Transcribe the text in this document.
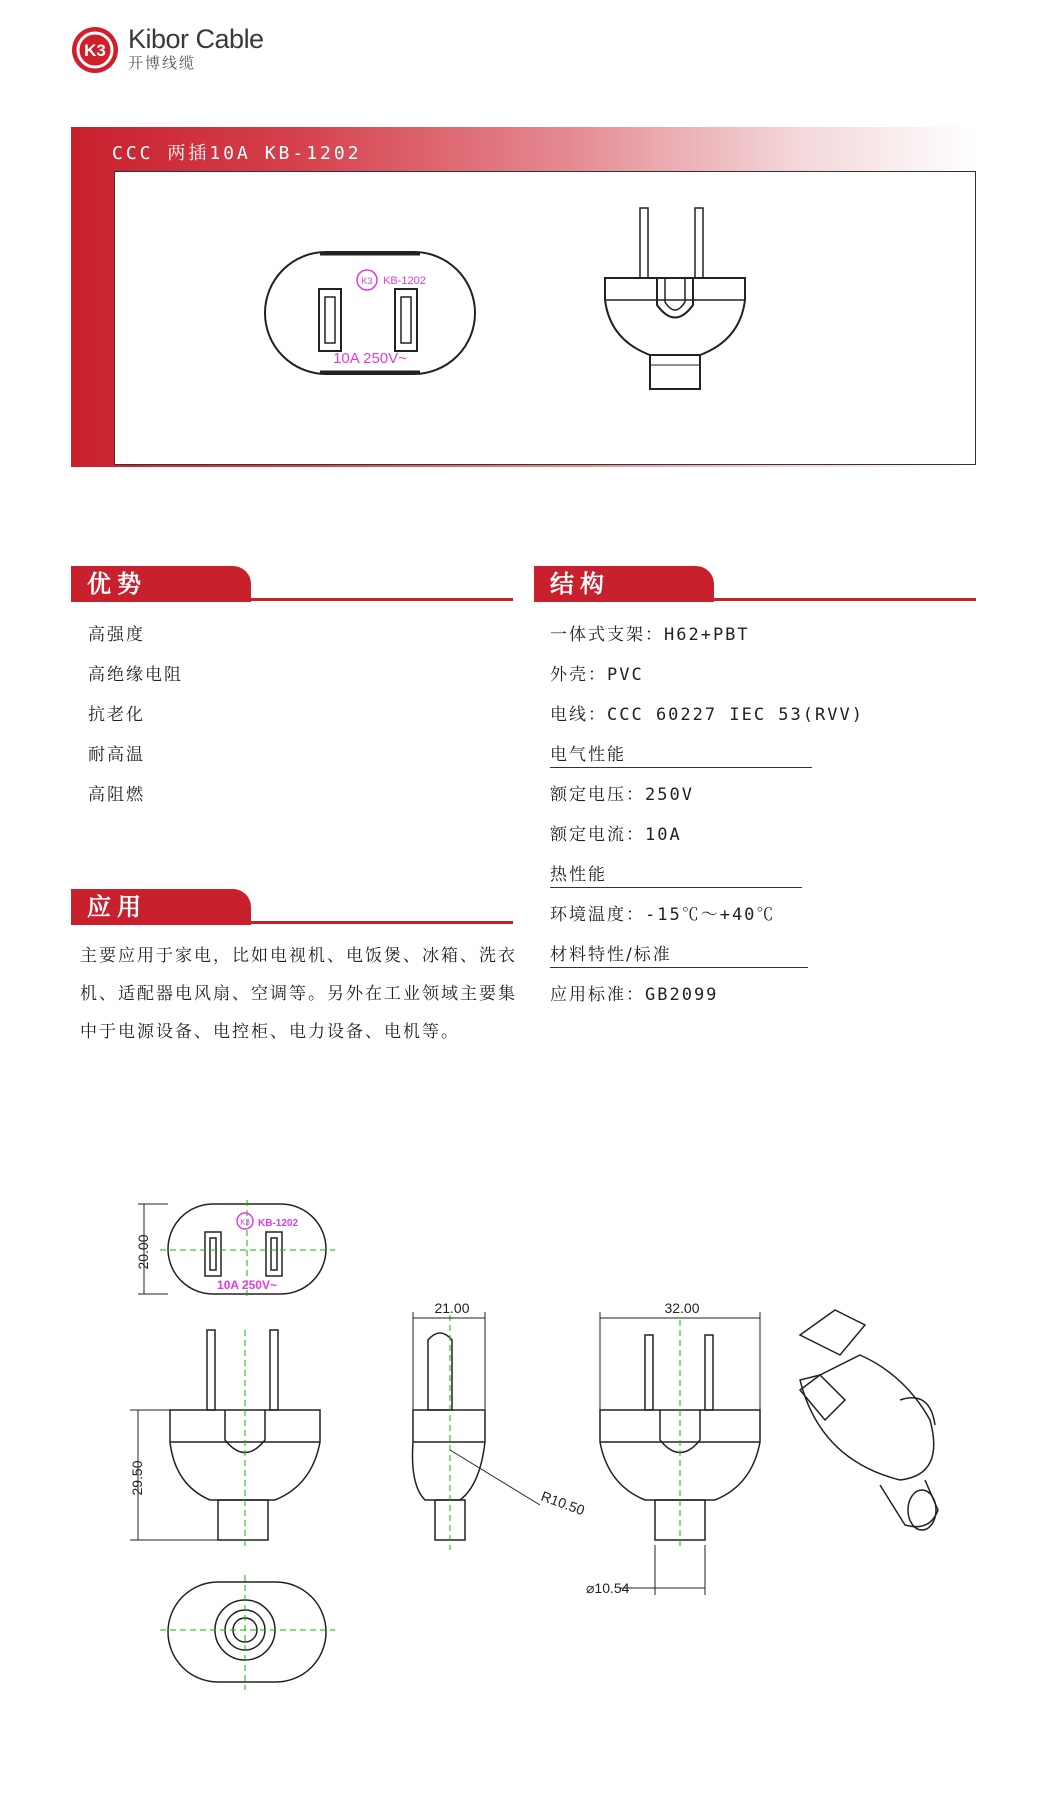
K3 Kibor Cable
开博线缆
CCC 两插10A KB-1202
K3 KB-1202
10A 250V~
优势
高强度
高绝缘电阻
抗老化
耐高温
高阻燃
应用
主要应用于家电，比如电视机、电饭煲、冰箱、洗衣机、适配器电风扇、空调等。另外在工业领域主要集中于电源设备、电控柜、电力设备、电机等。
结构
一体式支架：H62+PBT
外壳：PVC
电线：CCC 60227 IEC 53(RVV)
电气性能
额定电压：250V
额定电流：10A
热性能
环境温度：-15℃～+40℃
材料特性/标准
应用标准：GB2099
K3 KB-1202
10A 250V~
20.00
29.50
21.00	32.00
R10.50
⌀10.54
